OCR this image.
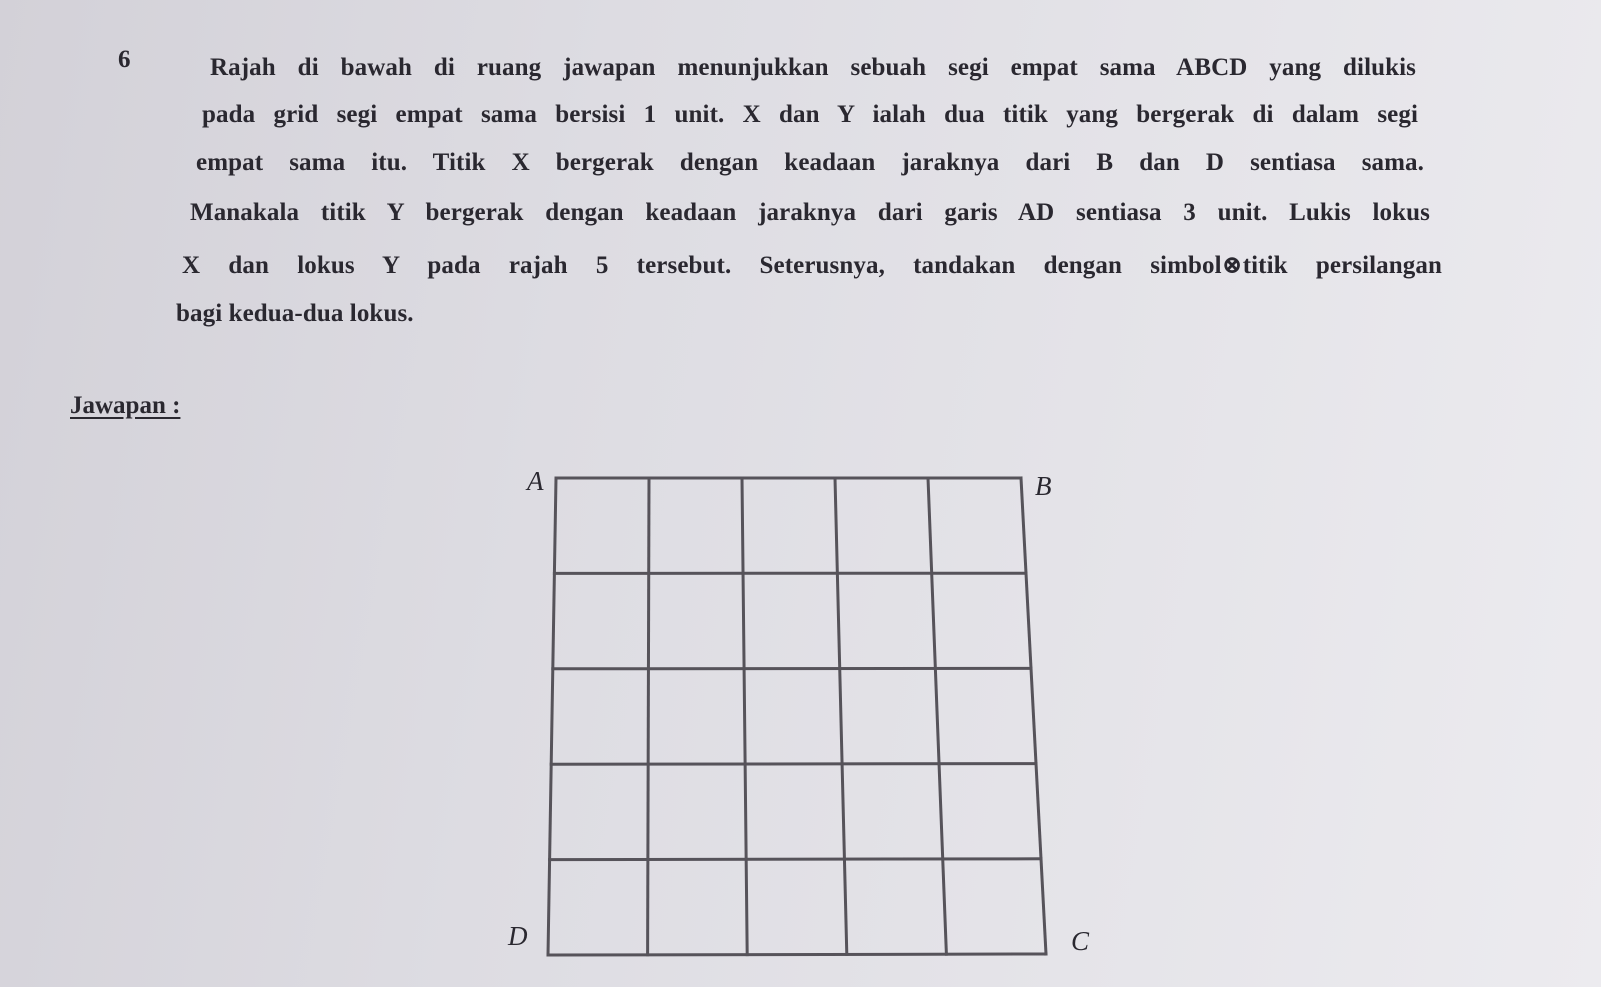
6	Rajah di bawah di ruang jawapan menunjukkan sebuah segi empat sama ABCD yang dilukis
pada grid segi empat sama bersisi 1 unit. X dan Y ialah dua titik yang bergerak di dalam segi
empat sama itu. Titik X bergerak dengan keadaan jaraknya dari B dan D sentiasa sama.
Manakala titik Y bergerak dengan keadaan jaraknya dari garis AD sentiasa 3 unit. Lukis lokus
X dan lokus Y pada rajah 5 tersebut. Seterusnya, tandakan dengan simbol⊗titik persilangan
bagi kedua-dua lokus.
Jawapan :
A	B
C
D
